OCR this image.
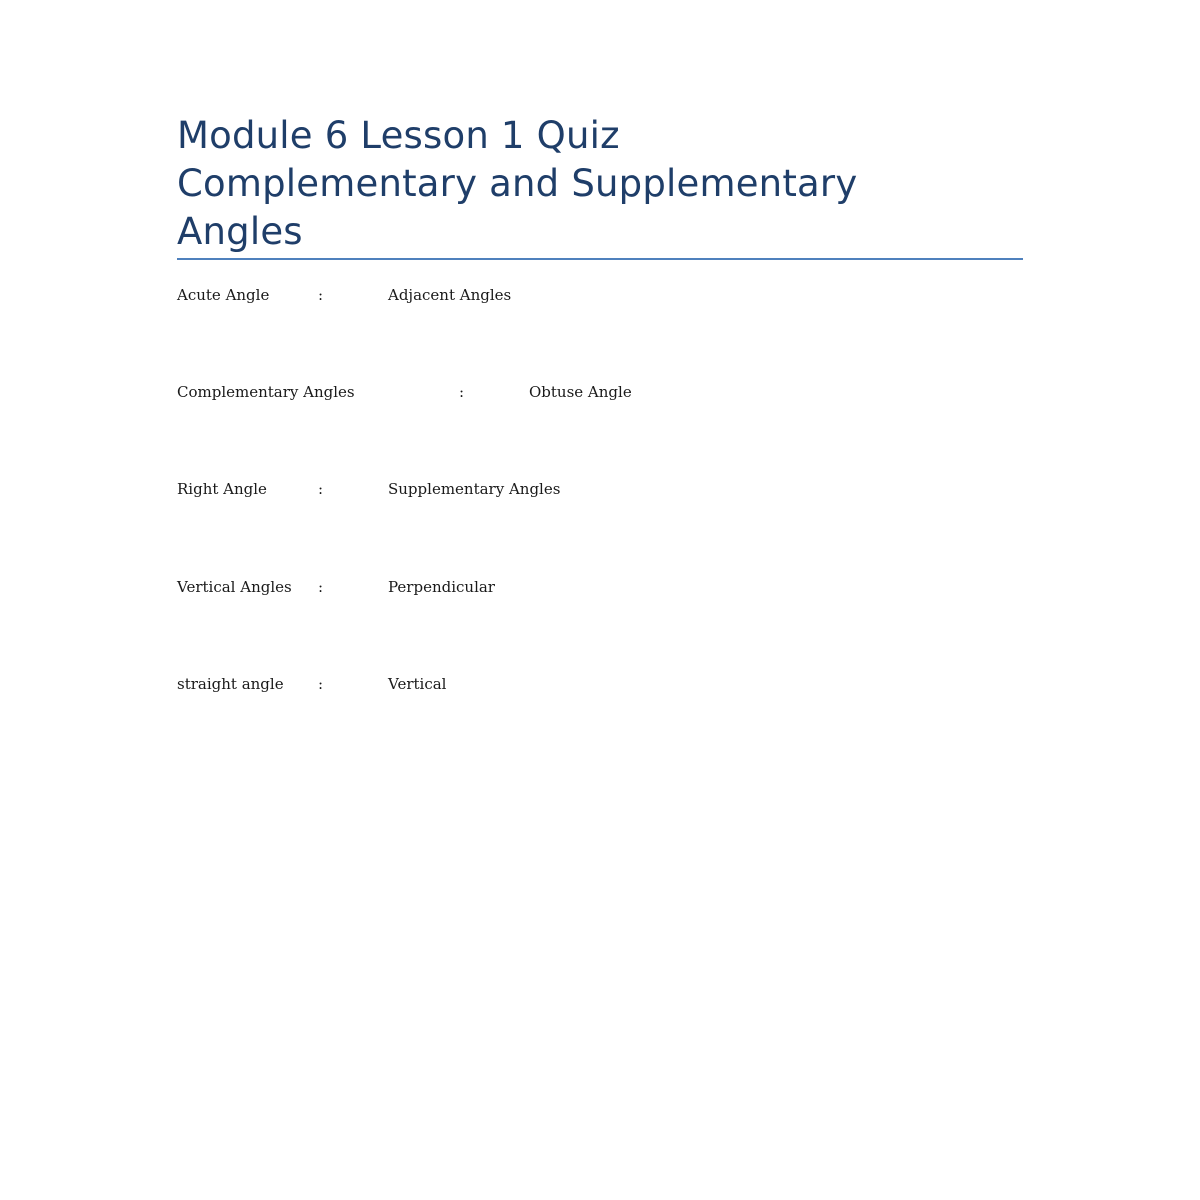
Module 6 Lesson 1 Quiz
Complementary and Supplementary
Angles
Acute Angle	:	Adjacent Angles
Complementary Angles	:	Obtuse Angle
Right Angle	:	Supplementary Angles
Vertical Angles :	Perpendicular
straight angle :	Vertical
